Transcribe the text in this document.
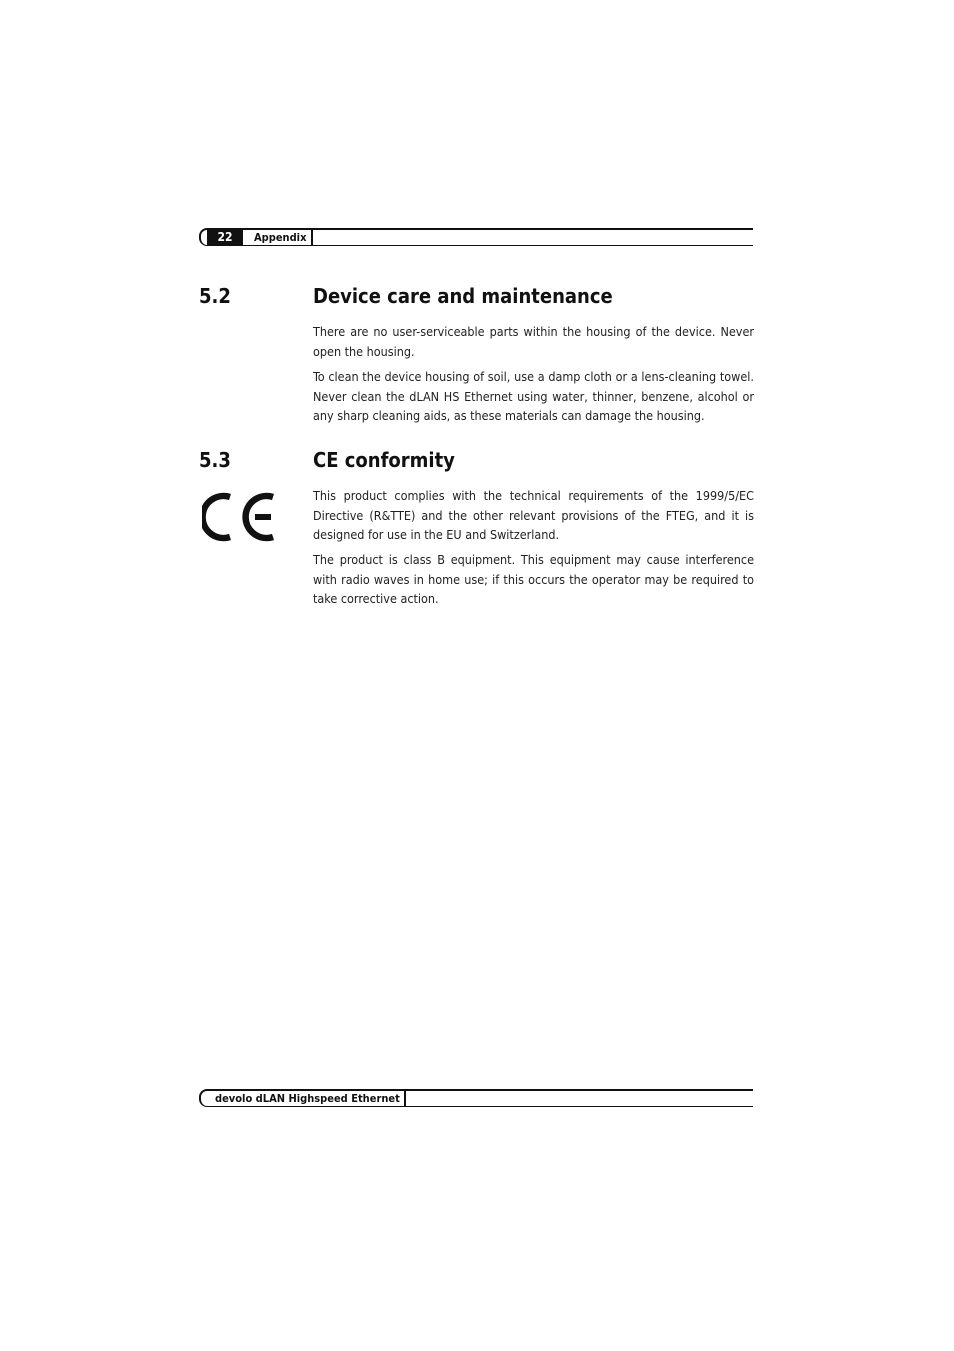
22	Appendix
5.2	Device care and maintenance

There are no user-serviceable parts within the housing of the device. Never open the housing.

To clean the device housing of soil, use a damp cloth or a lens-cleaning towel. Never clean the dLAN HS Ethernet using water, thinner, benzene, alcohol or any sharp cleaning aids, as these materials can damage the housing.

5.3	CE conformity

This product complies with the technical requirements of the 1999/5/EC Directive (R&TTE) and the other relevant provisions of the FTEG, and it is designed for use in the EU and Switzerland.

The product is class B equipment. This equipment may cause interference with radio waves in home use; if this occurs the operator may be required to take corrective action.

devolo dLAN Highspeed Ethernet
